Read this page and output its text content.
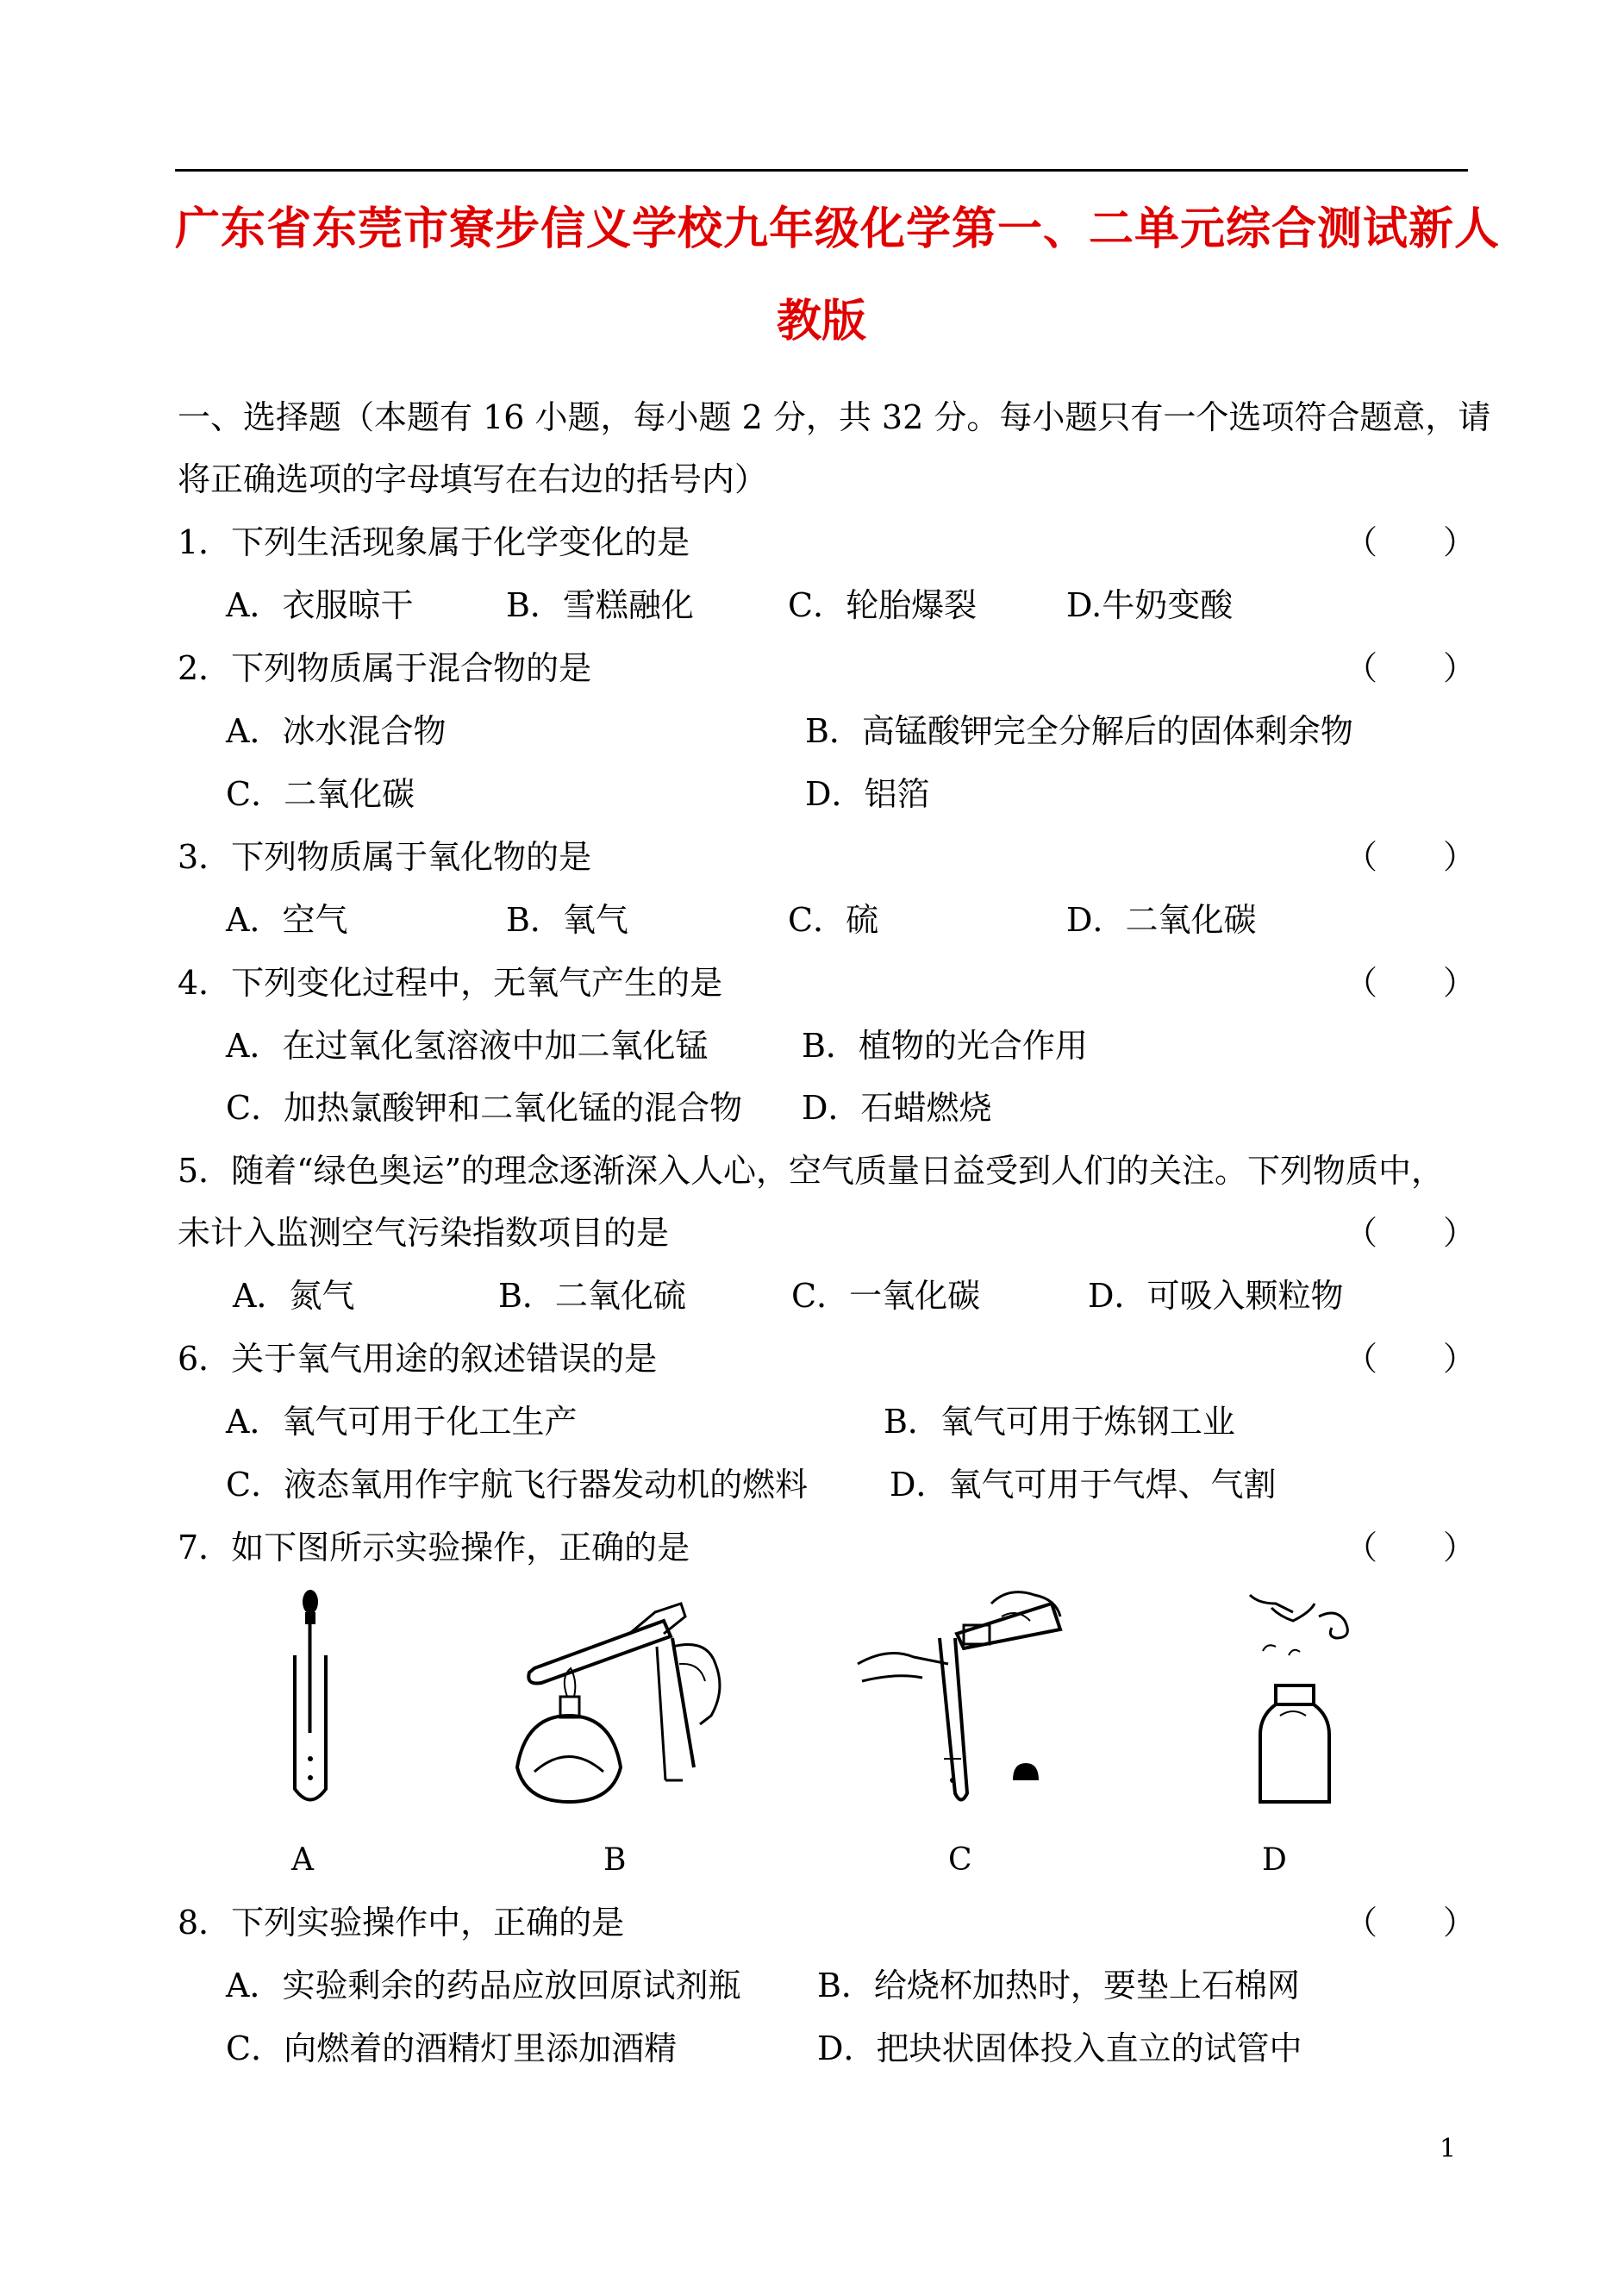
广东省东莞市寮步信义学校九年级化学第一、二单元综合测试新人
教版
一、选择题（本题有 16 小题，每小题 2 分，共 32 分。每小题只有一个选项符合题意，请
将正确选项的字母填写在右边的括号内）
1．下列生活现象属于化学变化的是	（　　）
A．衣服晾干	B．雪糕融化	C．轮胎爆裂	D.牛奶变酸
2．下列物质属于混合物的是	（　　）
A．冰水混合物	B．高锰酸钾完全分解后的固体剩余物
C．二氧化碳	D．铝箔
3．下列物质属于氧化物的是	（　　）
A．空气	B．氧气	C．硫	D．二氧化碳
4．下列变化过程中，无氧气产生的是	（　　）
A．在过氧化氢溶液中加二氧化锰	B．植物的光合作用
C．加热氯酸钾和二氧化锰的混合物 D．石蜡燃烧
5．随着“绿色奥运”的理念逐渐深入人心，空气质量日益受到人们的关注。下列物质中，
未计入监测空气污染指数项目的是	（　　）
A．氮气	B．二氧化硫	C．一氧化碳	D．可吸入颗粒物
6．关于氧气用途的叙述错误的是	（　　）
A．氧气可用于化工生产	B．氧气可用于炼钢工业
C．液态氧用作宇航飞行器发动机的燃料 D．氧气可用于气焊、气割
7．如下图所示实验操作，正确的是	（　　）
A	B	C	D
8．下列实验操作中，正确的是	（　　）
A．实验剩余的药品应放回原试剂瓶 B．给烧杯加热时，要垫上石棉网
C．向燃着的酒精灯里添加酒精	D．把块状固体投入直立的试管中
1
